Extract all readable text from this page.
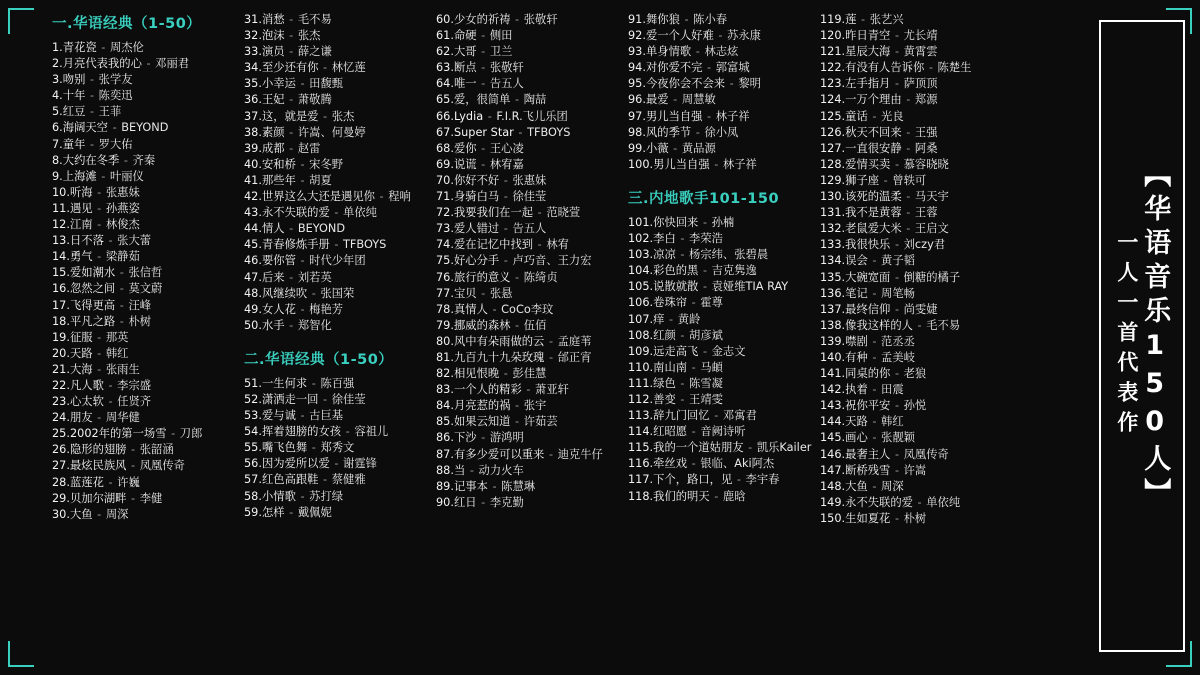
一.华语经典（1-50）
1.青花瓷 - 周杰伦
2.月亮代表我的心 - 邓丽君
3.吻别 - 张学友
4.十年 - 陈奕迅
5.红豆 - 王菲
6.海阔天空 - BEYOND
7.童年 - 罗大佑
8.大约在冬季 - 齐秦
9.上海滩 - 叶丽仪
10.听海 - 张惠妹
11.遇见 - 孙燕姿
12.江南 - 林俊杰
13.日不落 - 张大蕾
14.勇气 - 梁静茹
15.爱如潮水 - 张信哲
16.忽然之间 - 莫文蔚
17.飞得更高 - 汪峰
18.平凡之路 - 朴树
19.征服 - 那英
20.天路 - 韩红
21.大海 - 张雨生
22.凡人歌 - 李宗盛
23.心太软 - 任贤齐
24.朋友 - 周华健
25.2002年的第一场雪 - 刀郎
26.隐形的翅膀 - 张韶涵
27.最炫民族风 - 凤凰传奇
28.蓝莲花 - 许巍
29.贝加尔湖畔 - 李健
30.大鱼 - 周深
31.消愁 - 毛不易
32.泡沫 - 张杰
33.演员 - 薛之谦
34.至少还有你 - 林忆莲
35.小幸运 - 田馥甄
36.王妃 - 萧敬腾
37.这，就是爱 - 张杰
38.素颜 - 许嵩、何曼婷
39.成都 - 赵雷
40.安和桥 - 宋冬野
41.那些年 - 胡夏
42.世界这么大还是遇见你 - 程响
43.永不失联的爱 - 单依纯
44.情人 - BEYOND
45.青春修炼手册 - TFBOYS
46.要你管 - 时代少年团
47.后来 - 刘若英
48.风继续吹 - 张国荣
49.女人花 - 梅艳芳
50.水手 - 郑智化
二.华语经典（1-50）
51.一生何求 - 陈百强
52.潇洒走一回 - 徐佳莹
53.爱与诚 - 古巨基
54.挥着翅膀的女孩 - 容祖儿
55.嘴飞色舞 - 郑秀文
56.因为爱所以爱 - 谢霆锋
57.红色高跟鞋 - 蔡健雅
58.小情歌 - 苏打绿
59.怎样 - 戴佩妮
60.少女的祈祷 - 张敬轩
61.命硬 - 侧田
62.大哥 - 卫兰
63.断点 - 张敬轩
64.唯一 - 告五人
65.爱，很简单 - 陶喆
66.Lydia - F.I.R.飞儿乐团
67.Super Star - TFBOYS
68.爱你 - 王心凌
69.说谎 - 林宥嘉
70.你好不好 - 张惠妹
71.身骑白马 - 徐佳莹
72.我要我们在一起 - 范晓萱
73.爱人错过 - 告五人
74.爱在记忆中找到 - 林宥
75.好心分手 - 卢巧音、王力宏
76.旅行的意义 - 陈绮贞
77.宝贝 - 张悬
78.真情人 - CoCo李玟
79.挪威的森林 - 伍佰
80.风中有朵雨做的云 - 孟庭苇
81.九百九十九朵玫瑰 - 邰正宵
82.相见恨晚 - 彭佳慧
83.一个人的精彩 - 萧亚轩
84.月亮惹的祸 - 张宇
85.如果云知道 - 许茹芸
86.下沙 - 游鸿明
87.有多少爱可以重来 - 迪克牛仔
88.当 - 动力火车
89.记事本 - 陈慧琳
90.红日 - 李克勤
91.舞你狼 - 陈小春
92.爱一个人好难 - 苏永康
93.单身情歌 - 林志炫
94.对你爱不完 - 郭富城
95.今夜你会不会来 - 黎明
96.最爱 - 周慧敏
97.男儿当自强 - 林子祥
98.风的季节 - 徐小凤
99.小薇 - 黄品源
100.男儿当自强 - 林子祥
三.内地歌手101-150
101.你快回来 - 孙楠
102.李白 - 李荣浩
103.凉凉 - 杨宗纬、张碧晨
104.彩色的黑 - 吉克隽逸
105.说散就散 - 袁娅维TIA RAY
106.卷珠帘 - 霍尊
107.痒 - 黄龄
108.红颜 - 胡彦斌
109.远走高飞 - 金志文
110.南山南 - 马頔
111.绿色 - 陈雪凝
112.善变 - 王靖雯
113.辞九门回忆 - 邓寓君
114.红昭愿 - 音阙诗听
115.我的一个道姑朋友 - 凯乐Kailer
116.牵丝戏 - 银临、Aki阿杰
117.下个，路口，见 - 李宇春
118.我们的明天 - 鹿晗
119.莲 - 张艺兴
120.昨日青空 - 尤长靖
121.星辰大海 - 黄霄雲
122.有没有人告诉你 - 陈楚生
123.左手指月 - 萨顶顶
124.一万个理由 - 郑源
125.童话 - 光良
126.秋天不回来 - 王强
127.一直很安静 - 阿桑
128.爱情买卖 - 慕容晓晓
129.狮子座 - 曾轶可
130.该死的温柔 - 马天宇
131.我不是黄蓉 - 王蓉
132.老鼠爱大米 - 王启文
133.我很快乐 - 刘czy君
134.误会 - 黄子韬
135.大碗宽面 - 倒糖的橘子
136.笔记 - 周笔畅
137.最终信仰 - 尚雯婕
138.像我这样的人 - 毛不易
139.噤剧 - 范丞丞
140.有种 - 孟美岐
141.同桌的你 - 老狼
142.执着 - 田震
143.祝你平安 - 孙悦
144.天路 - 韩红
145.画心 - 张靓颖
146.最奢主人 - 凤凰传奇
147.断桥残雪 - 许嵩
148.大鱼 - 周深
149.永不失联的爱 - 单依纯
150.生如夏花 - 朴树
一人一首代表作 【华语音乐150人】
